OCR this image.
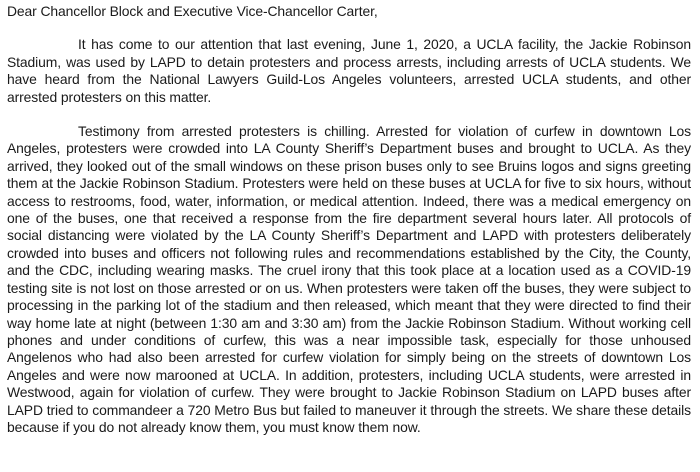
Dear Chancellor Block and Executive Vice-Chancellor Carter,

It has come to our attention that last evening, June 1, 2020, a UCLA facility, the Jackie Robinson Stadium, was used by LAPD to detain protesters and process arrests, including arrests of UCLA students. We have heard from the National Lawyers Guild-Los Angeles volunteers, arrested UCLA students, and other arrested protesters on this matter.

Testimony from arrested protesters is chilling. Arrested for violation of curfew in downtown Los Angeles, protesters were crowded into LA County Sheriff’s Department buses and brought to UCLA. As they arrived, they looked out of the small windows on these prison buses only to see Bruins logos and signs greeting them at the Jackie Robinson Stadium. Protesters were held on these buses at UCLA for five to six hours, without access to restrooms, food, water, information, or medical attention. Indeed, there was a medical emergency on one of the buses, one that received a response from the fire department several hours later. All protocols of social distancing were violated by the LA County Sheriff’s Department and LAPD with protesters deliberately crowded into buses and officers not following rules and recommendations established by the City, the County, and the CDC, including wearing masks. The cruel irony that this took place at a location used as a COVID-19 testing site is not lost on those arrested or on us. When protesters were taken off the buses, they were subject to processing in the parking lot of the stadium and then released, which meant that they were directed to find their way home late at night (between 1:30 am and 3:30 am) from the Jackie Robinson Stadium. Without working cell phones and under conditions of curfew, this was a near impossible task, especially for those unhoused Angelenos who had also been arrested for curfew violation for simply being on the streets of downtown Los Angeles and were now marooned at UCLA. In addition, protesters, including UCLA students, were arrested in Westwood, again for violation of curfew. They were brought to Jackie Robinson Stadium on LAPD buses after LAPD tried to commandeer a 720 Metro Bus but failed to maneuver it through the streets. We share these details because if you do not already know them, you must know them now.
